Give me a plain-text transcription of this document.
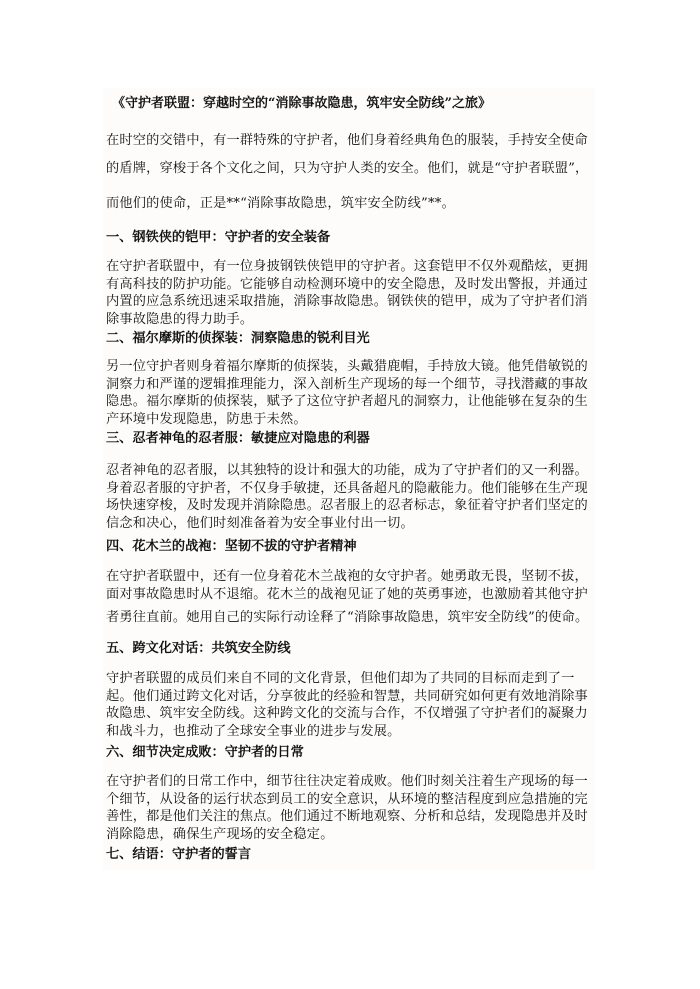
《守护者联盟：穿越时空的“消除事故隐患，筑牢安全防线”之旅》
在时空的交错中，有一群特殊的守护者，他们身着经典角色的服装，手持安全使命
的盾牌，穿梭于各个文化之间，只为守护人类的安全。他们，就是“守护者联盟”，
而他们的使命，正是**“消除事故隐患，筑牢安全防线”**。
一、钢铁侠的铠甲：守护者的安全装备
在守护者联盟中，有一位身披钢铁侠铠甲的守护者。这套铠甲不仅外观酷炫，更拥
有高科技的防护功能。它能够自动检测环境中的安全隐患，及时发出警报，并通过
内置的应急系统迅速采取措施，消除事故隐患。钢铁侠的铠甲，成为了守护者们消
除事故隐患的得力助手。
二、福尔摩斯的侦探装：洞察隐患的锐利目光
另一位守护者则身着福尔摩斯的侦探装，头戴猎鹿帽，手持放大镜。他凭借敏锐的
洞察力和严谨的逻辑推理能力，深入剖析生产现场的每一个细节，寻找潜藏的事故
隐患。福尔摩斯的侦探装，赋予了这位守护者超凡的洞察力，让他能够在复杂的生
产环境中发现隐患，防患于未然。
三、忍者神龟的忍者服：敏捷应对隐患的利器
忍者神龟的忍者服，以其独特的设计和强大的功能，成为了守护者们的又一利器。
身着忍者服的守护者，不仅身手敏捷，还具备超凡的隐蔽能力。他们能够在生产现
场快速穿梭，及时发现并消除隐患。忍者服上的忍者标志，象征着守护者们坚定的
信念和决心，他们时刻准备着为安全事业付出一切。
四、花木兰的战袍：坚韧不拔的守护者精神
在守护者联盟中，还有一位身着花木兰战袍的女守护者。她勇敢无畏，坚韧不拔，
面对事故隐患时从不退缩。花木兰的战袍见证了她的英勇事迹，也激励着其他守护
者勇往直前。她用自己的实际行动诠释了“消除事故隐患，筑牢安全防线”的使命。
五、跨文化对话：共筑安全防线
守护者联盟的成员们来自不同的文化背景，但他们却为了共同的目标而走到了一
起。他们通过跨文化对话，分享彼此的经验和智慧，共同研究如何更有效地消除事
故隐患、筑牢安全防线。这种跨文化的交流与合作，不仅增强了守护者们的凝聚力
和战斗力，也推动了全球安全事业的进步与发展。
六、细节决定成败：守护者的日常
在守护者们的日常工作中，细节往往决定着成败。他们时刻关注着生产现场的每一
个细节，从设备的运行状态到员工的安全意识，从环境的整洁程度到应急措施的完
善性，都是他们关注的焦点。他们通过不断地观察、分析和总结，发现隐患并及时
消除隐患，确保生产现场的安全稳定。
七、结语：守护者的誓言
